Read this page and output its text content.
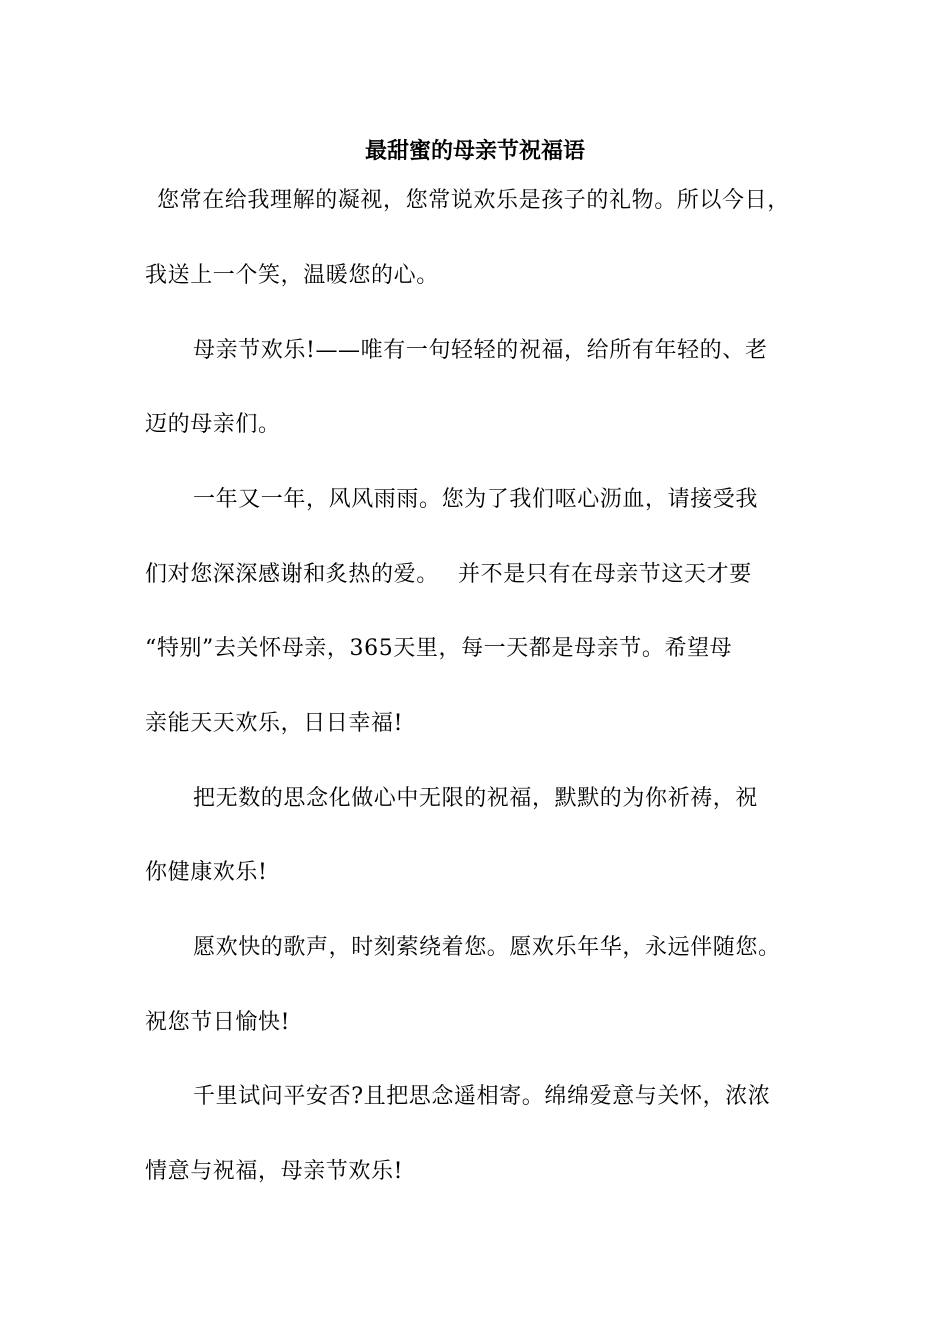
最甜蜜的母亲节祝福语
您常在给我理解的凝视，您常说欢乐是孩子的礼物。所以今日，
我送上一个笑，温暖您的心。
母亲节欢乐!——唯有一句轻轻的祝福，给所有年轻的、老
迈的母亲们。
一年又一年，风风雨雨。您为了我们呕心沥血，请接受我
们对您深深感谢和炙热的爱。　 并不是只有在母亲节这天才要
“特别”去关怀母亲，365天里，每一天都是母亲节。希望母
亲能天天欢乐，日日幸福!
把无数的思念化做心中无限的祝福，默默的为你祈祷，祝
你健康欢乐!
愿欢快的歌声，时刻萦绕着您。愿欢乐年华，永远伴随您。
祝您节日愉快!
千里试问平安否?且把思念遥相寄。绵绵爱意与关怀，浓浓
情意与祝福，母亲节欢乐!
